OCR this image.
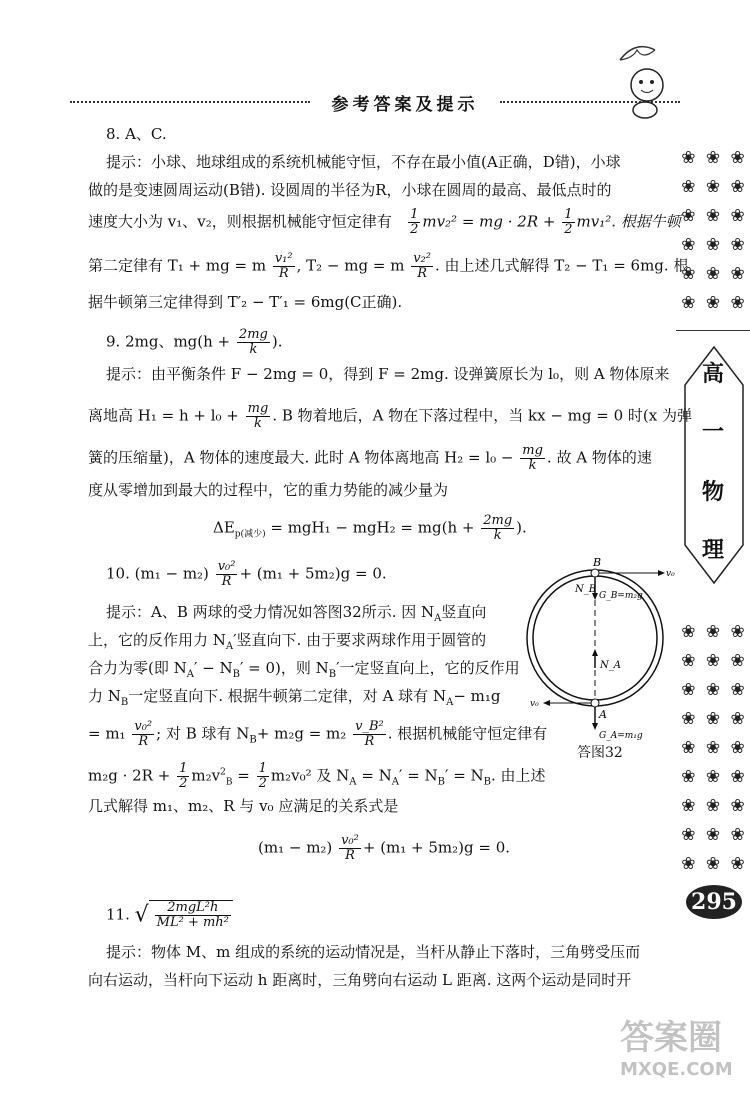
参考答案及提示
❀ ❀ ❀
❀ ❀ ❀
❀ ❀ ❀
❀ ❀ ❀
❀ ❀ ❀
❀ ❀ ❀
高
一
物
理
❀ ❀ ❀
❀ ❀ ❀
❀ ❀ ❀
❀ ❀ ❀
❀ ❀ ❀
❀ ❀ ❀
❀ ❀ ❀
❀ ❀ ❀
❀ ❀ ❀
295
8. A、C.
提示：小球、地球组成的系统机械能守恒，不存在最小值(A正确，D错)，小球
做的是变速圆周运动(B错). 设圆周的半径为R，小球在圆周的最高、最低点时的
速度大小为 v₁、v₂，则根据机械能守恒定律有 $\frac{1}{2} mv_2^2$ = mg · $2R + \frac{1}{2} mv_1^2$. 根据牛顿
第二定律有 T₁ + mg = m $\frac{\text{v₁²}}{R}$ , T₂ − mg = m $\frac{\text{v₂²}}{R}$ . 由上述几式解得 T₂ − T₁ = 6mg. 根
据牛顿第三定律得到 T′₂ − T′₁ = 6mg(C正确).
9. 2mg、$mg(h + \frac{2mg}{k}$ ).
提示：由平衡条件 F − 2mg = 0，得到 F = 2mg. 设弹簧原长为 l₀，则 A 物体原来
离地高 $H_1 = h + l_0 + \frac{mg}{k}$ . B 物着地后，A 物在下落过程中，当 kx − mg = 0 时(x 为弹
簧的压缩量)，A 物体的速度最大. 此时 A 物体离地高 $H_2 = l_0 - \frac{mg}{k}$ . 故 A 物体的速
度从零增加到最大的过程中，它的重力势能的减少量为
$\Delta E_{p(减少)} = mgH_1 - mgH_2 = mg(h + \frac{2mg}{k}$ ).
10. $(m_1 - m_2) \frac{\text{v₀²}}{R} + (m_1 + 5m_2)g = 0$.
提示：A、B 两球的受力情况如答图32所示. 因 $N_A$竖直向
上，它的反作用力 $N_A'$竖直向下. 由于要求两球作用于圆管的
合力为零(即 $N_A' - N_B' = 0$)，则 $N_B'$一定竖直向上，它的反作用
力 $N_B$一定竖直向下. 根据牛顿第二定律，对 A 球有 $N_A- m_1g$
= $m_1 \frac{\text{v₀²}}{R}$ ; 对 B 球有 $N_B+ m_2g = m_2 \frac{\text{v\_B²}}{R}$ . 根据机械能守恒定律有
$m_2g \cdot 2R + \frac{1}{2} m_2v^2_B = \frac{1}{2} m_2v_0^2$ 及 $N_A = N_A' = N_B' = N_B$. 由上述
几式解得 m₁、m₂、R 与 v₀ 应满足的关系式是
$(m_1 - m_2) \frac{\text{v₀²}}{R} + (m_1 + 5m_2)g = 0$.
11. √ $\frac{\text{2mgL²h}}{\text{ML² + mh²}}$
提示：物体 M、m 组成的系统的运动情况是，当杆从静止下落时，三角劈受压而
向右运动，当杆向下运动 h 距离时，三角劈向右运动 L 距离. 这两个运动是同时开
B
N_B
G_B=m₂g
N_A
A
G_A=m₁g
v₀
v₀
答图32
答案圈
MXQE.COM
